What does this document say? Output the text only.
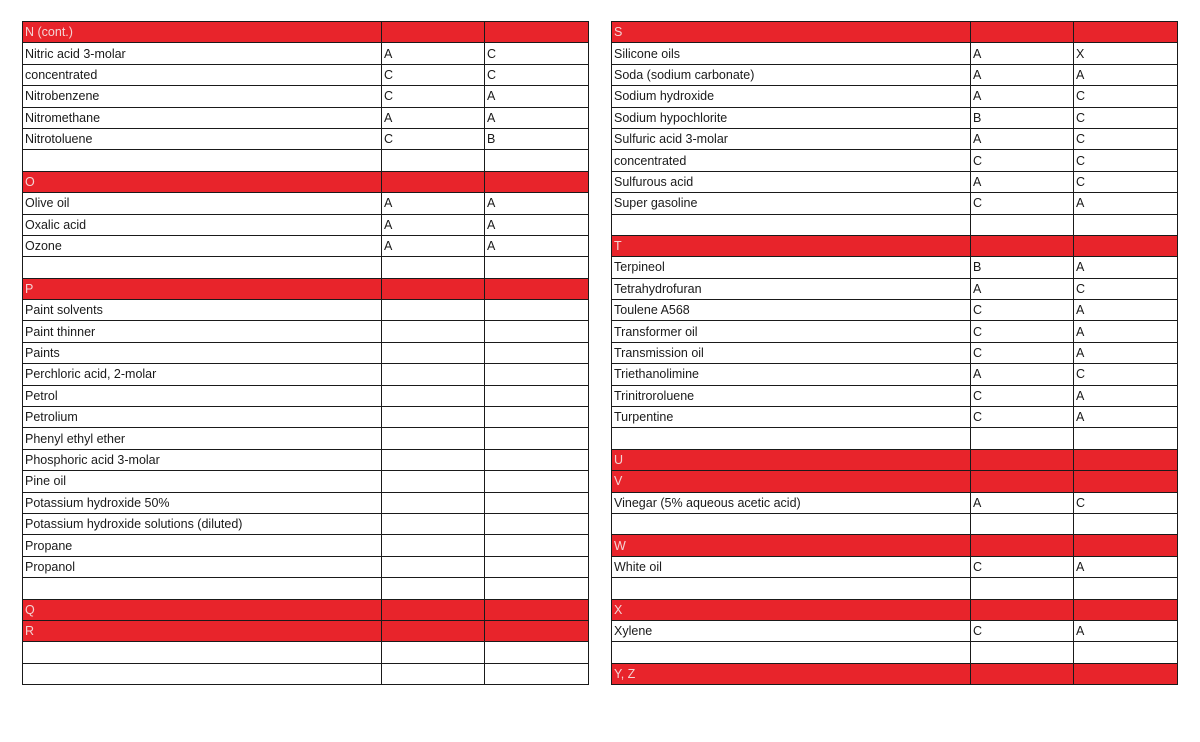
N (cont.)		
Nitric acid 3-molar	A	C
concentrated	C	C
Nitrobenzene	C	A
Nitromethane	A	A
Nitrotoluene	C	B

O		
Olive oil	A	A
Oxalic acid	A	A
Ozone	A	A

P		
Paint solvents		
Paint thinner		
Paints		
Perchloric acid, 2-molar		
Petrol		
Petrolium		
Phenyl ethyl ether		
Phosphoric acid 3-molar		
Pine oil		
Potassium hydroxide 50%		
Potassium hydroxide solutions (diluted)		
Propane		
Propanol		

Q		
R		

S		
Silicone oils	A	X
Soda (sodium carbonate)	A	A
Sodium hydroxide	A	C
Sodium hypochlorite	B	C
Sulfuric acid 3-molar	A	C
concentrated	C	C
Sulfurous acid	A	C
Super gasoline	C	A

T		
Terpineol	B	A
Tetrahydrofuran	A	C
Toulene A568	C	A
Transformer oil	C	A
Transmission oil	C	A
Triethanolimine	A	C
Trinitroroluene	C	A
Turpentine	C	A

U		
V		
Vinegar (5% aqueous acetic acid)	A	C

W		
White oil	C	A

X		
Xylene	C	A

Y, Z		
